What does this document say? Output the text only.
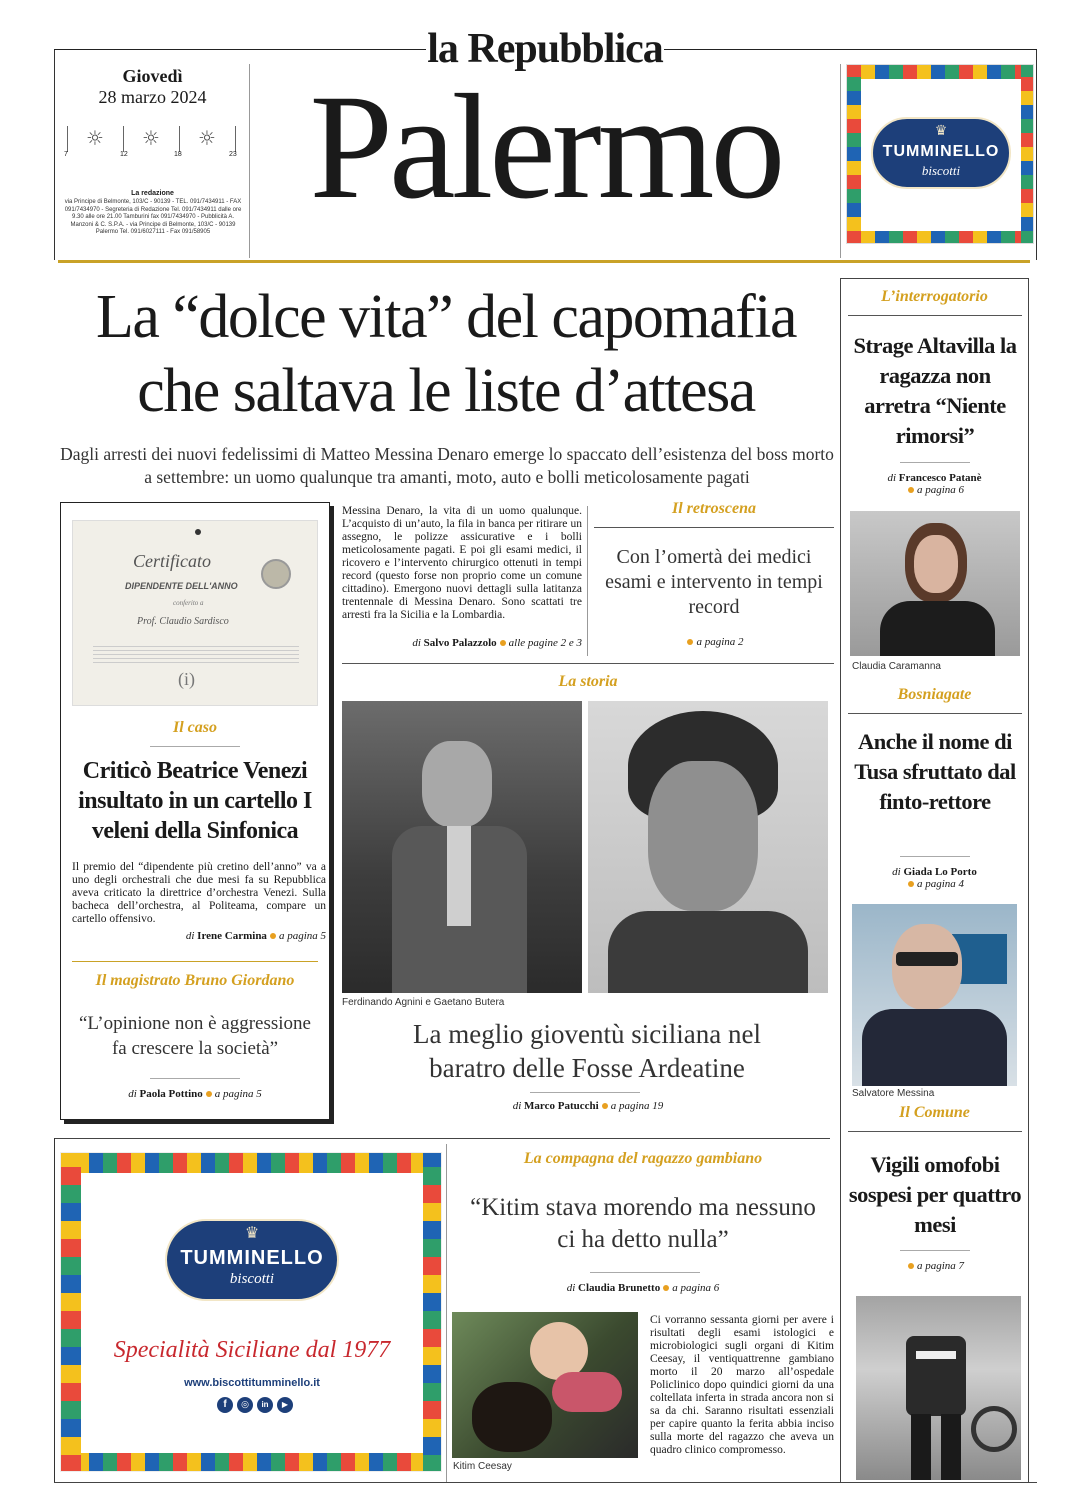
la Repubblica
Giovedì
28 marzo 2024
☼	☼	☼
7	12	18	23
La redazione
via Principe di Belmonte, 103/C - 90139 - TEL. 091/7434911 - FAX 091/7434970 - Segreteria di Redazione Tel. 091/7434911 dalle ore 9.30 alle ore 21.00 Tamburini fax 091/7434970 - Pubblicità A. Manzoni & C. S.P.A. - via Principe di Belmonte, 103/C - 90139 Palermo Tel. 091/6027111 - Fax 091/58905
Palermo	♛
TUMMINELLO
biscotti
La “dolce vita” del capomafia
che saltava le liste d’attesa
Dagli arresti dei nuovi fedelissimi di Matteo Messina Denaro emerge lo spaccato dell’esistenza del boss morto a settembre: un uomo qualunque tra amanti, moto, auto e bolli meticolosamente pagati
Certificato
DIPENDENTE DELL'ANNO
conferito a
Prof. Claudio Sardisco
(i)
Il caso
Criticò Beatrice Venezi insultato in un cartello I veleni della Sinfonica
Il premio del “dipendente più cretino dell’anno” va a uno degli orchestrali che due mesi fa su Repubblica aveva criticato la direttrice d’orchestra Venezi. Sulla bacheca dell’orchestra, al Politeama, compare un cartello offensivo.
di Irene Carmina a pagina 5
Il magistrato Bruno Giordano
“L’opinione non è aggressione fa crescere la società”
di Paola Pottino a pagina 5
Messina Denaro, la vita di un uomo qualunque. L’acquisto di un’auto, la fila in banca per ritirare un assegno, le polizze assicurative e i bolli meticolosamente pagati. E poi gli esami medici, il ricovero e l’intervento chirurgico ottenuti in tempi record (questo forse non proprio come un comune cittadino). Emergono nuovi dettagli sulla latitanza trentennale di Messina Denaro. Sono scattati tre arresti fra la Sicilia e la Lombardia.
di Salvo Palazzolo alle pagine 2 e 3
Il retroscena
Con l’omertà dei medici esami e intervento in tempi record
a pagina 2
La storia
Ferdinando Agnini e Gaetano Butera
La meglio gioventù siciliana nel baratro delle Fosse Ardeatine
di Marco Patucchi a pagina 19
L’interrogatorio
Strage Altavilla la ragazza non arretra “Niente rimorsi”
di Francesco Patanè
a pagina 6
Claudia Caramanna
Bosniagate
Anche il nome di Tusa sfruttato dal finto-rettore
di Giada Lo Porto
a pagina 4
Salvatore Messina
Il Comune
Vigili omofobi sospesi per quattro mesi
a pagina 7
♛
TUMMINELLO
biscotti
Specialità Siciliane dal 1977
www.biscottitumminello.it
f	◎	in	▶
La compagna del ragazzo gambiano
“Kitim stava morendo ma nessuno ci ha detto nulla”
di Claudia Brunetto a pagina 6
Kitim Ceesay
Ci vorranno sessanta giorni per avere i risultati degli esami istologici e microbiologici sugli organi di Kitim Ceesay, il ventiquattrenne gambiano morto il 20 marzo all’ospedale Policlinico dopo quindici giorni da una coltellata inferta in strada ancora non si sa da chi. Saranno risultati essenziali per capire quanto la ferita abbia inciso sulla morte del ragazzo che aveva un quadro clinico compromesso.
